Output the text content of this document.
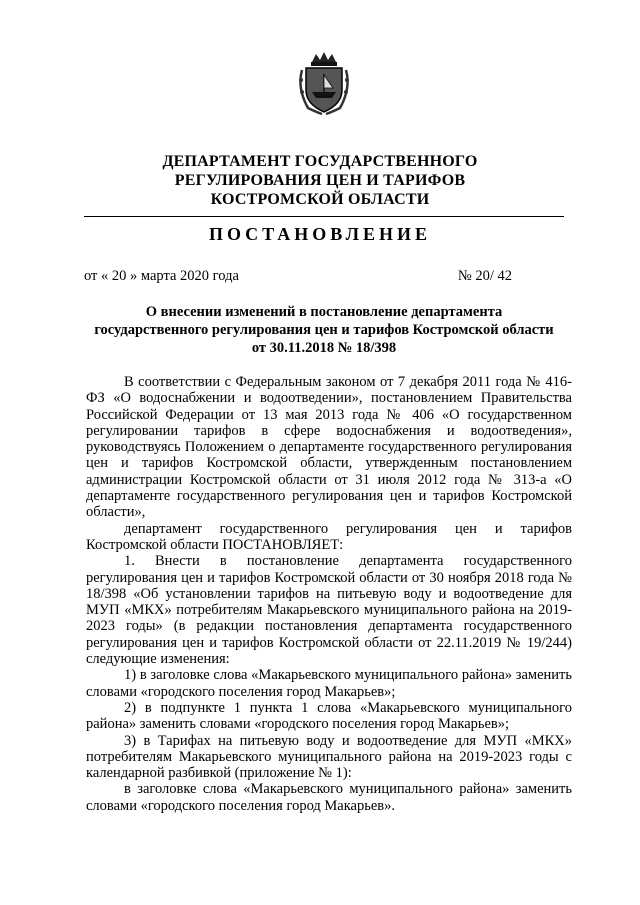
ДЕПАРТАМЕНТ ГОСУДАРСТВЕННОГО
РЕГУЛИРОВАНИЯ ЦЕН И ТАРИФОВ
КОСТРОМСКОЙ ОБЛАСТИ
ПОСТАНОВЛЕНИЕ
от « 20 » марта 2020 года	№ 20/ 42
О внесении изменений в постановление департамента
государственного регулирования цен и тарифов Костромской области
от 30.11.2018 № 18/398

В соответствии с Федеральным законом от 7 декабря 2011 года № 416-ФЗ «О водоснабжении и водоотведении», постановлением Правительства Российской Федерации от 13 мая 2013 года № 406 «О государственном регулировании тарифов в сфере водоснабжения и водоотведения», руководствуясь Положением о департаменте государственного регулирования цен и тарифов Костромской области, утвержденным постановлением администрации Костромской области от 31 июля 2012 года № 313-а «О департаменте государственного регулирования цен и тарифов Костромской области»,

департамент государственного регулирования цен и тарифов Костромской области ПОСТАНОВЛЯЕТ:

1. Внести в постановление департамента государственного регулирования цен и тарифов Костромской области от 30 ноября 2018 года № 18/398 «Об установлении тарифов на питьевую воду и водоотведение для МУП «МКХ» потребителям Макарьевского муниципального района на 2019-2023 годы» (в редакции постановления департамента государственного регулирования цен и тарифов Костромской области от 22.11.2019 № 19/244) следующие изменения:

1) в заголовке слова «Макарьевского муниципального района» заменить словами «городского поселения город Макарьев»;

2) в подпункте 1 пункта 1 слова «Макарьевского муниципального района» заменить словами «городского поселения город Макарьев»;

3) в Тарифах на питьевую воду и водоотведение для МУП «МКХ» потребителям Макарьевского муниципального района на 2019-2023 годы с календарной разбивкой (приложение № 1):

в заголовке слова «Макарьевского муниципального района» заменить словами «городского поселения город Макарьев».
